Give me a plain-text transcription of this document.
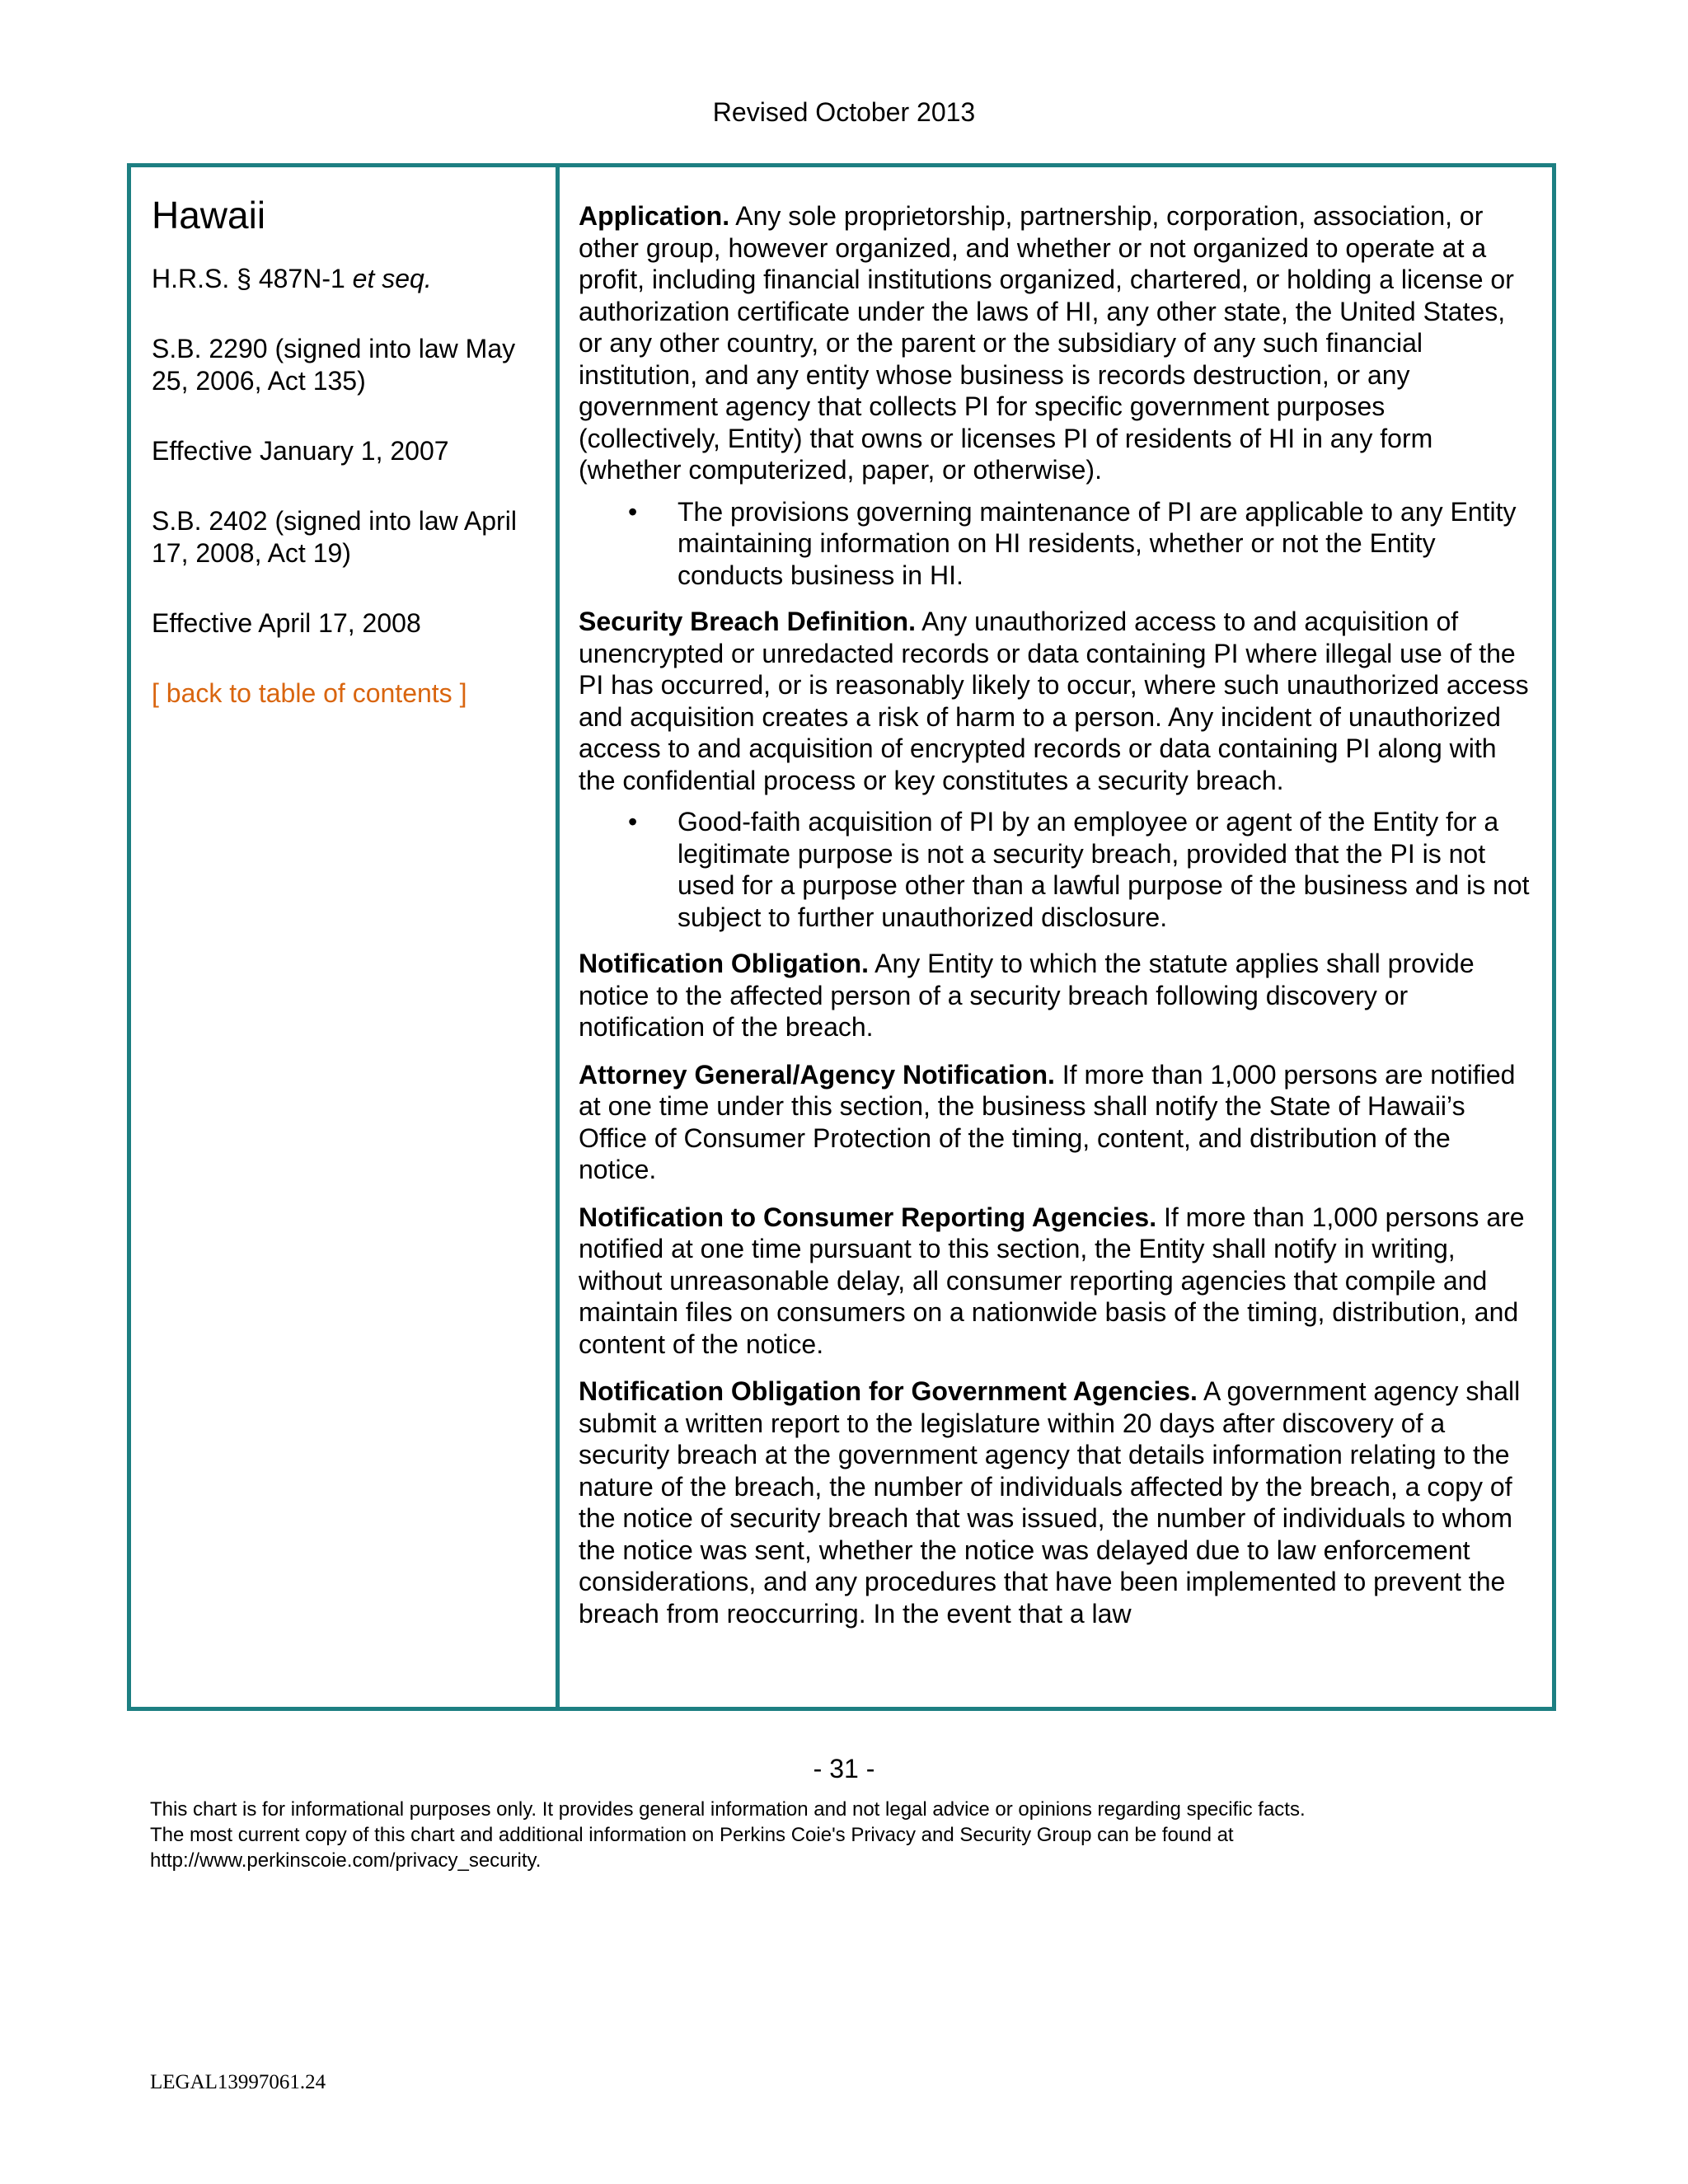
Revised October 2013
Hawaii

H.R.S. § 487N-1 et seq.

S.B. 2290 (signed into law May 25, 2006, Act 135)

Effective January 1, 2007

S.B. 2402 (signed into law April 17, 2008, Act 19)

Effective April 17, 2008

[ back to table of contents ]

Application. Any sole proprietorship, partnership, corporation, association, or other group, however organized, and whether or not organized to operate at a profit, including financial institutions organized, chartered, or holding a license or authorization certificate under the laws of HI, any other state, the United States, or any other country, or the parent or the subsidiary of any such financial institution, and any entity whose business is records destruction, or any government agency that collects PI for specific government purposes (collectively, Entity) that owns or licenses PI of residents of HI in any form (whether computerized, paper, or otherwise).

• The provisions governing maintenance of PI are applicable to any Entity maintaining information on HI residents, whether or not the Entity conducts business in HI.

Security Breach Definition. Any unauthorized access to and acquisition of unencrypted or unredacted records or data containing PI where illegal use of the PI has occurred, or is reasonably likely to occur, where such unauthorized access and acquisition creates a risk of harm to a person. Any incident of unauthorized access to and acquisition of encrypted records or data containing PI along with the confidential process or key constitutes a security breach.

• Good-faith acquisition of PI by an employee or agent of the Entity for a legitimate purpose is not a security breach, provided that the PI is not used for a purpose other than a lawful purpose of the business and is not subject to further unauthorized disclosure.

Notification Obligation. Any Entity to which the statute applies shall provide notice to the affected person of a security breach following discovery or notification of the breach.

Attorney General/Agency Notification. If more than 1,000 persons are notified at one time under this section, the business shall notify the State of Hawaii’s Office of Consumer Protection of the timing, content, and distribution of the notice.

Notification to Consumer Reporting Agencies. If more than 1,000 persons are notified at one time pursuant to this section, the Entity shall notify in writing, without unreasonable delay, all consumer reporting agencies that compile and maintain files on consumers on a nationwide basis of the timing, distribution, and content of the notice.

Notification Obligation for Government Agencies. A government agency shall submit a written report to the legislature within 20 days after discovery of a security breach at the government agency that details information relating to the nature of the breach, the number of individuals affected by the breach, a copy of the notice of security breach that was issued, the number of individuals to whom the notice was sent, whether the notice was delayed due to law enforcement considerations, and any procedures that have been implemented to prevent the breach from reoccurring. In the event that a law

- 31 -
This chart is for informational purposes only. It provides general information and not legal advice or opinions regarding specific facts.
The most current copy of this chart and additional information on Perkins Coie's Privacy and Security Group can be found at
http://www.perkinscoie.com/privacy_security.
LEGAL13997061.24
